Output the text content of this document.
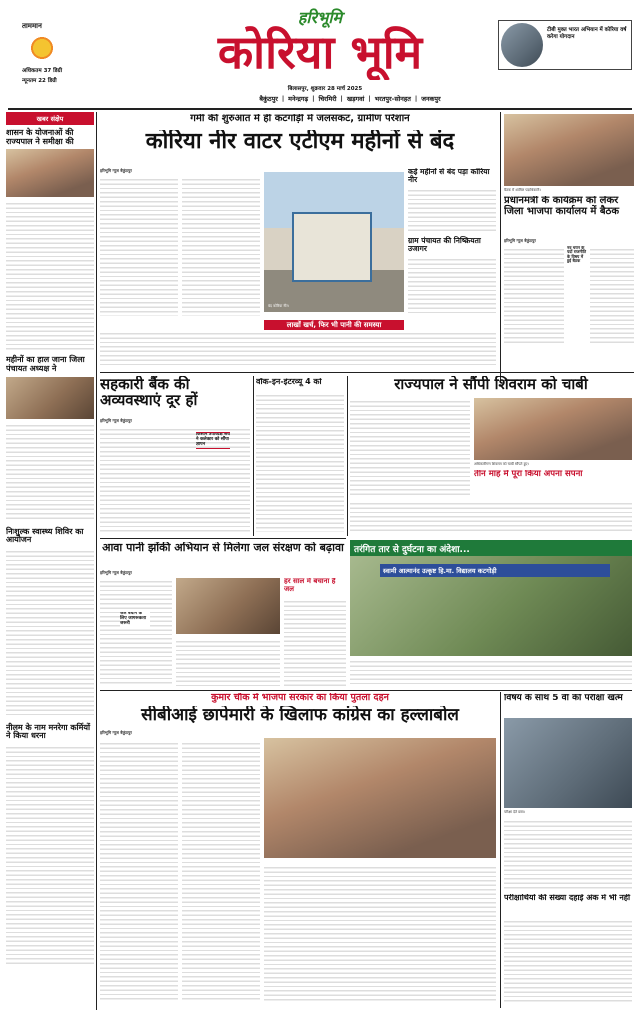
ताममान
अधिकतम 37 डिग्री
न्यूनतम 22 डिग्री
हरिभूमि
कोरिया भूमि
बिलासपुर, शुक्रवार 28 मार्च 2025
टीबी मुक्त भारत अभियान में कोरिया वर्ष करेगा योगदान
बैकुंठपुर | मनेन्द्रगढ़ | चिरमिरी | खड़गवां | भरतपुर-सोनहत | जनकपुर
खबर संक्षेप
शासन के योजनाओं की राज्यपाल ने समीक्षा की
महीनों का हाल जाना जिला पंचायत अध्यक्ष ने
निःशुल्क स्वास्थ्य शिविर का आयोजन
नीलम के नाम मनरेगा कर्मियों ने किया धरना
गर्मी की शुरुआत में ही कटगोड़ी में जलसंकट, ग्रामीण परेशान
कोरिया नीर वाटर एटीएम महीनों से बंद
हरिभूमि न्यूज बैकुंठपुर
बंद कोरिया नीर।
कई महीनों से बंद पड़ा कोरिया नीर
ग्राम पंचायत की निष्क्रियता उजागर
लाखों खर्च, फिर भी पानी की समस्या
बैठक में शामिल पदाधिकारी।
प्रधानमंत्री के कार्यक्रम को लेकर जिला भाजपा कार्यालय में बैठक
हरिभूमि न्यूज बैकुंठपुर
नव चयन के पदों राजनीति के विषय में हुई बैठक
सहकारी बैंक की अव्यवस्थाएं दूर हों
हरिभूमि न्यूज बैकुंठपुर
किसान उपाध्यक्ष संघ ने कलेक्टर को सौंपा ज्ञापन
वॉक-इन-इंटरव्यू 4 को	राज्यपाल ने सौंपी शिवराम को चाबी
अधिकारीगण शिवराम को चाबी सौंपते हुए।
तीन माह में पूरा किया अपना सपना
तरंगित तार से दुर्घटना का अंदेशा...
स्वामी आत्मानंद उत्कृष्ट हि.मा. विद्यालय कटगोड़ी
आवा पानी झोंकी अभियान से मिलेगा जल संरक्षण को बढ़ावा
हरिभूमि न्यूज बैकुंठपुर
जल बचाने के लिए जागरूकता जरूरी
हर साल में बचाना है जल
कुमार चौक में भाजपा सरकार का किया पुतला दहन
सीबीआई छापेमारी के खिलाफ कांग्रेस का हल्लाबोल
हरिभूमि न्यूज बैकुंठपुर
विषय के साथ 5 वीं की परीक्षा खत्म
परीक्षा देते छात्र।
परीक्षार्थियों की संख्या दहाई अंक में भी नहीं
